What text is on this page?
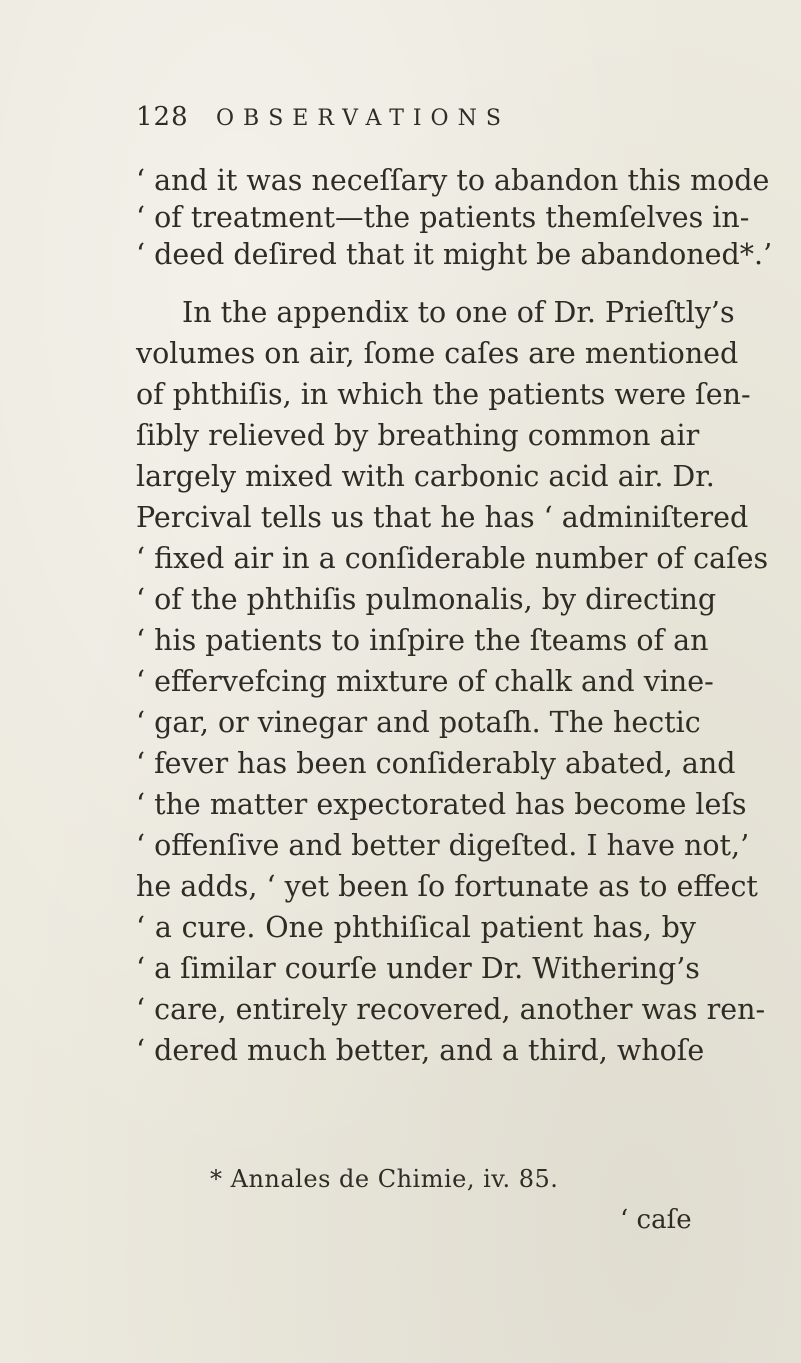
128 OBSERVATIONS
‘ and it was neceſſary to abandon this mode
‘ of treatment—the patients themſelves in-
‘ deed deſired that it might be abandoned*.’
In the appendix to one of Dr. Prieſtly’s
volumes on air, ſome caſes are mentioned
of phthiſis, in which the patients were ſen-
ſibly relieved by breathing common air
largely mixed with carbonic acid air. Dr.
Percival tells us that he has ‘ adminiſtered
‘ fixed air in a conſiderable number of caſes
‘ of the phthiſis pulmonalis, by directing
‘ his patients to inſpire the ſteams of an
‘ effervefcing mixture of chalk and vine-
‘ gar, or vinegar and potaſh. The hectic
‘ fever has been conſiderably abated, and
‘ the matter expectorated has become leſs
‘ offenſive and better digeſted. I have not,’
he adds, ‘ yet been ſo fortunate as to effect
‘ a cure. One phthiſical patient has, by
‘ a ſimilar courſe under Dr. Withering’s
‘ care, entirely recovered, another was ren-
‘ dered much better, and a third, whoſe
* Annales de Chimie, iv. 85.
‘ caſe
